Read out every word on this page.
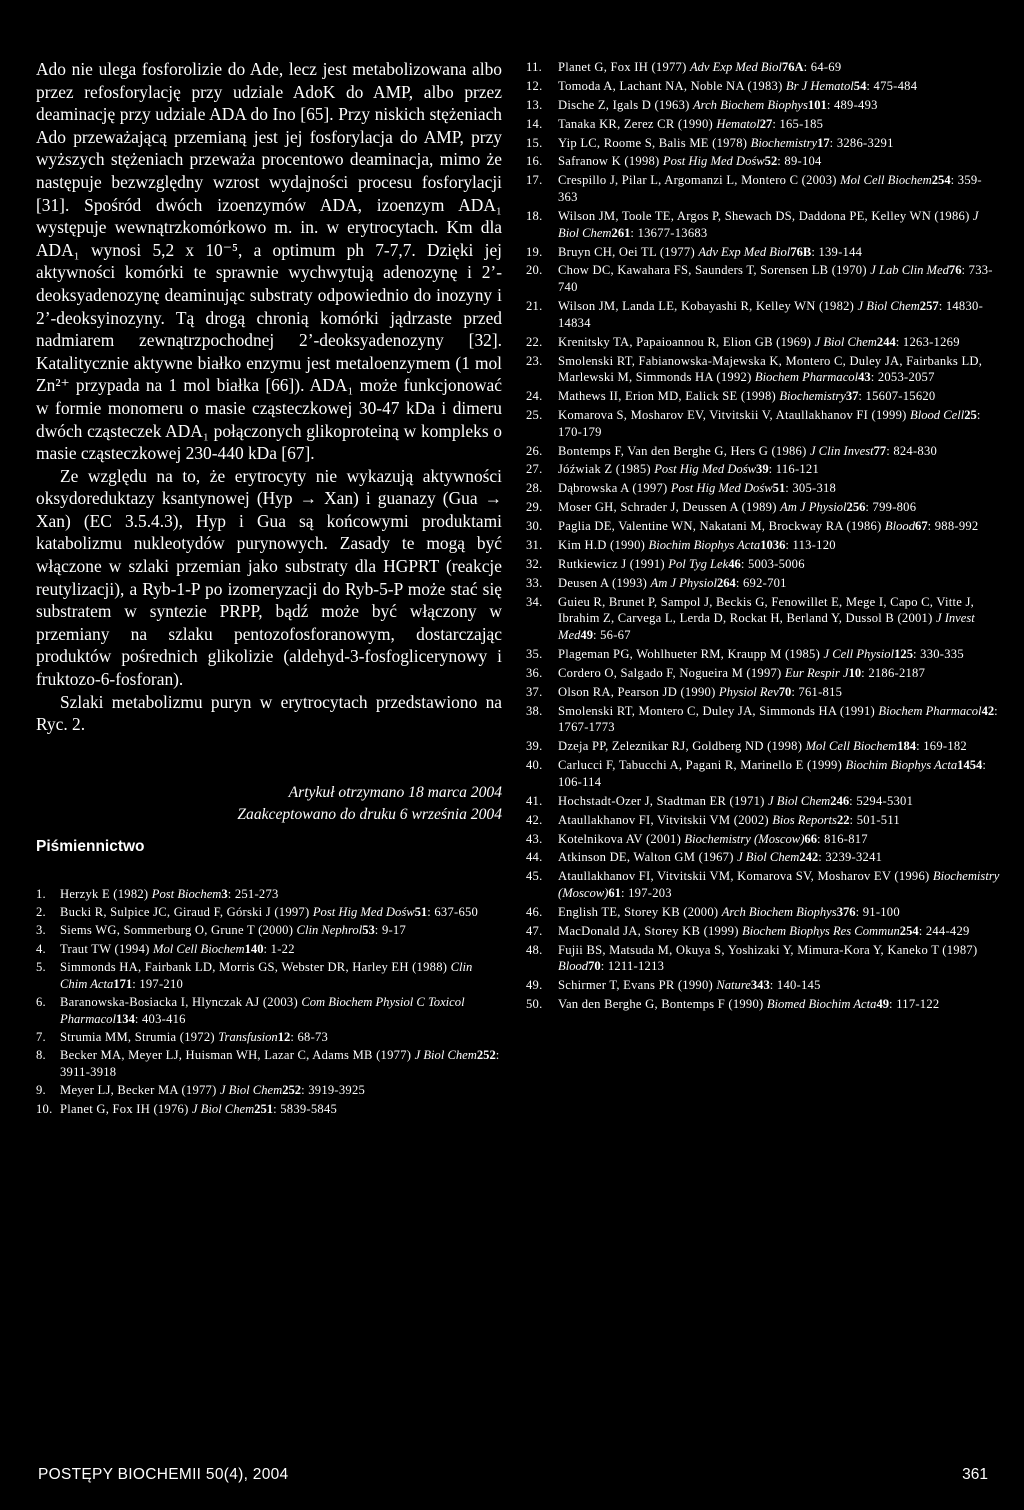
Ado nie ulega fosforolizie do Ade, lecz jest metabolizowana albo przez refosforylację przy udziale AdoK do AMP, albo przez deaminację przy udziale ADA do Ino [65]. Przy niskich stężeniach Ado przeważającą przemianą jest jej fosforylacja do AMP, przy wyższych stężeniach przeważa procentowo deaminacja, mimo że następuje bezwzględny wzrost wydajności procesu fosforylacji [31]. Spośród dwóch izoenzymów ADA, izoenzym ADA₁ występuje wewnątrzkomórkowo m. in. w erytrocytach. Km dla ADA₁ wynosi 5,2 x 10⁻⁵, a optimum ph 7-7,7. Dzięki jej aktywności komórki te sprawnie wychwytują adenozynę i 2’-deoksyadenozynę deaminując substraty odpowiednio do inozyny i 2’-deoksyinozyny. Tą drogą chronią komórki jądrzaste przed nadmiarem zewnątrzpochodnej 2’-deoksyadenozyny [32]. Katalitycznie aktywne białko enzymu jest metaloenzymem (1 mol Zn²⁺ przypada na 1 mol białka [66]). ADA₁ może funkcjonować w formie monomeru o masie cząsteczkowej 30-47 kDa i dimeru dwóch cząsteczek ADA₁ połączonych glikoproteiną w kompleks o masie cząsteczkowej 230-440 kDa [67].

Ze względu na to, że erytrocyty nie wykazują aktywności oksydoreduktazy ksantynowej (Hyp → Xan) i guanazy (Gua → Xan) (EC 3.5.4.3), Hyp i Gua są końcowymi produktami katabolizmu nukleotydów purynowych. Zasady te mogą być włączone w szlaki przemian jako substraty dla HGPRT (reakcje reutylizacji), a Ryb-1-P po izomeryzacji do Ryb-5-P może stać się substratem w syntezie PRPP, bądź może być włączony w przemiany na szlaku pentozofosforanowym, dostarczając produktów pośrednich glikolizie (aldehyd-3-fosfoglicerynowy i fruktozo-6-fosforan).

Szlaki metabolizmu puryn w erytrocytach przedstawiono na Ryc. 2.

Artykuł otrzymano 18 marca 2004
Zaakceptowano do druku 6 września 2004
Piśmiennictwo
1. Herzyk E (1982) Post Biochem3: 251-273
2. Bucki R, Sulpice JC, Giraud F, Górski J (1997) Post Hig Med Dośw51: 637-650
3. Siems WG, Sommerburg O, Grune T (2000) Clin Nephrol53: 9-17
4. Traut TW (1994) Mol Cell Biochem140: 1-22
5. Simmonds HA, Fairbank LD, Morris GS, Webster DR, Harley EH (1988) Clin Chim Acta171: 197-210
6. Baranowska-Bosiacka I, Hlynczak AJ (2003) Com Biochem Physiol C Toxicol Pharmacol134: 403-416
7. Strumia MM, Strumia (1972) Transfusion12: 68-73
8. Becker MA, Meyer LJ, Huisman WH, Lazar C, Adams MB (1977) J Biol Chem252: 3911-3918
9. Meyer LJ, Becker MA (1977) J Biol Chem252: 3919-3925
10. Planet G, Fox IH (1976) J Biol Chem251: 5839-5845
11. Planet G, Fox IH (1977) Adv Exp Med Biol76A: 64-69
12. Tomoda A, Lachant NA, Noble NA (1983) Br J Hematol54: 475-484
13. Dische Z, Igals D (1963) Arch Biochem Biophys101: 489-493
14. Tanaka KR, Zerez CR (1990) Hematol27: 165-185
15. Yip LC, Roome S, Balis ME (1978) Biochemistry17: 3286-3291
16. Safranow K (1998) Post Hig Med Dośw52: 89-104
17. Crespillo J, Pilar L, Argomanzi L, Montero C (2003) Mol Cell Biochem254: 359-363
18. Wilson JM, Toole TE, Argos P, Shewach DS, Daddona PE, Kelley WN (1986) J Biol Chem261: 13677-13683
19. Bruyn CH, Oei TL (1977) Adv Exp Med Biol76B: 139-144
20. Chow DC, Kawahara FS, Saunders T, Sorensen LB (1970) J Lab Clin Med76: 733-740
21. Wilson JM, Landa LE, Kobayashi R, Kelley WN (1982) J Biol Chem257: 14830-14834
22. Krenitsky TA, Papaioannou R, Elion GB (1969) J Biol Chem244: 1263-1269
23. Smolenski RT, Fabianowska-Majewska K, Montero C, Duley JA, Fairbanks LD, Marlewski M, Simmonds HA (1992) Biochem Pharmacol43: 2053-2057
24. Mathews II, Erion MD, Ealick SE (1998) Biochemistry37: 15607-15620
25. Komarova S, Mosharov EV, Vitvitskii V, Ataullakhanov FI (1999) Blood Cell25: 170-179
26. Bontemps F, Van den Berghe G, Hers G (1986) J Clin Invest77: 824-830
27. Jóźwiak Z (1985) Post Hig Med Dośw39: 116-121
28. Dąbrowska A (1997) Post Hig Med Dośw51: 305-318
29. Moser GH, Schrader J, Deussen A (1989) Am J Physiol256: 799-806
30. Paglia DE, Valentine WN, Nakatani M, Brockway RA (1986) Blood67: 988-992
31. Kim H.D (1990) Biochim Biophys Acta1036: 113-120
32. Rutkiewicz J (1991) Pol Tyg Lek46: 5003-5006
33. Deusen A (1993) Am J Physiol264: 692-701
34. Guieu R, Brunet P, Sampol J, Beckis G, Fenowillet E, Mege I, Capo C, Vitte J, Ibrahim Z, Carvega L, Lerda D, Rockat H, Berland Y, Dussol B (2001) J Invest Med49: 56-67
35. Plageman PG, Wohlhueter RM, Kraupp M (1985) J Cell Physiol125: 330-335
36. Cordero O, Salgado F, Nogueira M (1997) Eur Respir J10: 2186-2187
37. Olson RA, Pearson JD (1990) Physiol Rev70: 761-815
38. Smolenski RT, Montero C, Duley JA, Simmonds HA (1991) Biochem Pharmacol42: 1767-1773
39. Dzeja PP, Zeleznikar RJ, Goldberg ND (1998) Mol Cell Biochem184: 169-182
40. Carlucci F, Tabucchi A, Pagani R, Marinello E (1999) Biochim Biophys Acta1454: 106-114
41. Hochstadt-Ozer J, Stadtman ER (1971) J Biol Chem246: 5294-5301
42. Ataullakhanov FI, Vitvitskii VM (2002) Bios Reports22: 501-511
43. Kotelnikova AV (2001) Biochemistry (Moscow)66: 816-817
44. Atkinson DE, Walton GM (1967) J Biol Chem242: 3239-3241
45. Ataullakhanov FI, Vitvitskii VM, Komarova SV, Mosharov EV (1996) Biochemistry (Moscow)61: 197-203
46. English TE, Storey KB (2000) Arch Biochem Biophys376: 91-100
47. MacDonald JA, Storey KB (1999) Biochem Biophys Res Commun254: 244-429
48. Fujii BS, Matsuda M, Okuya S, Yoshizaki Y, Mimura-Kora Y, Kaneko T (1987) Blood70: 1211-1213
49. Schirmer T, Evans PR (1990) Nature343: 140-145
50. Van den Berghe G, Bontemps F (1990) Biomed Biochim Acta49: 117-122
POSTĘPY BIOCHEMII 50(4), 2004	361
